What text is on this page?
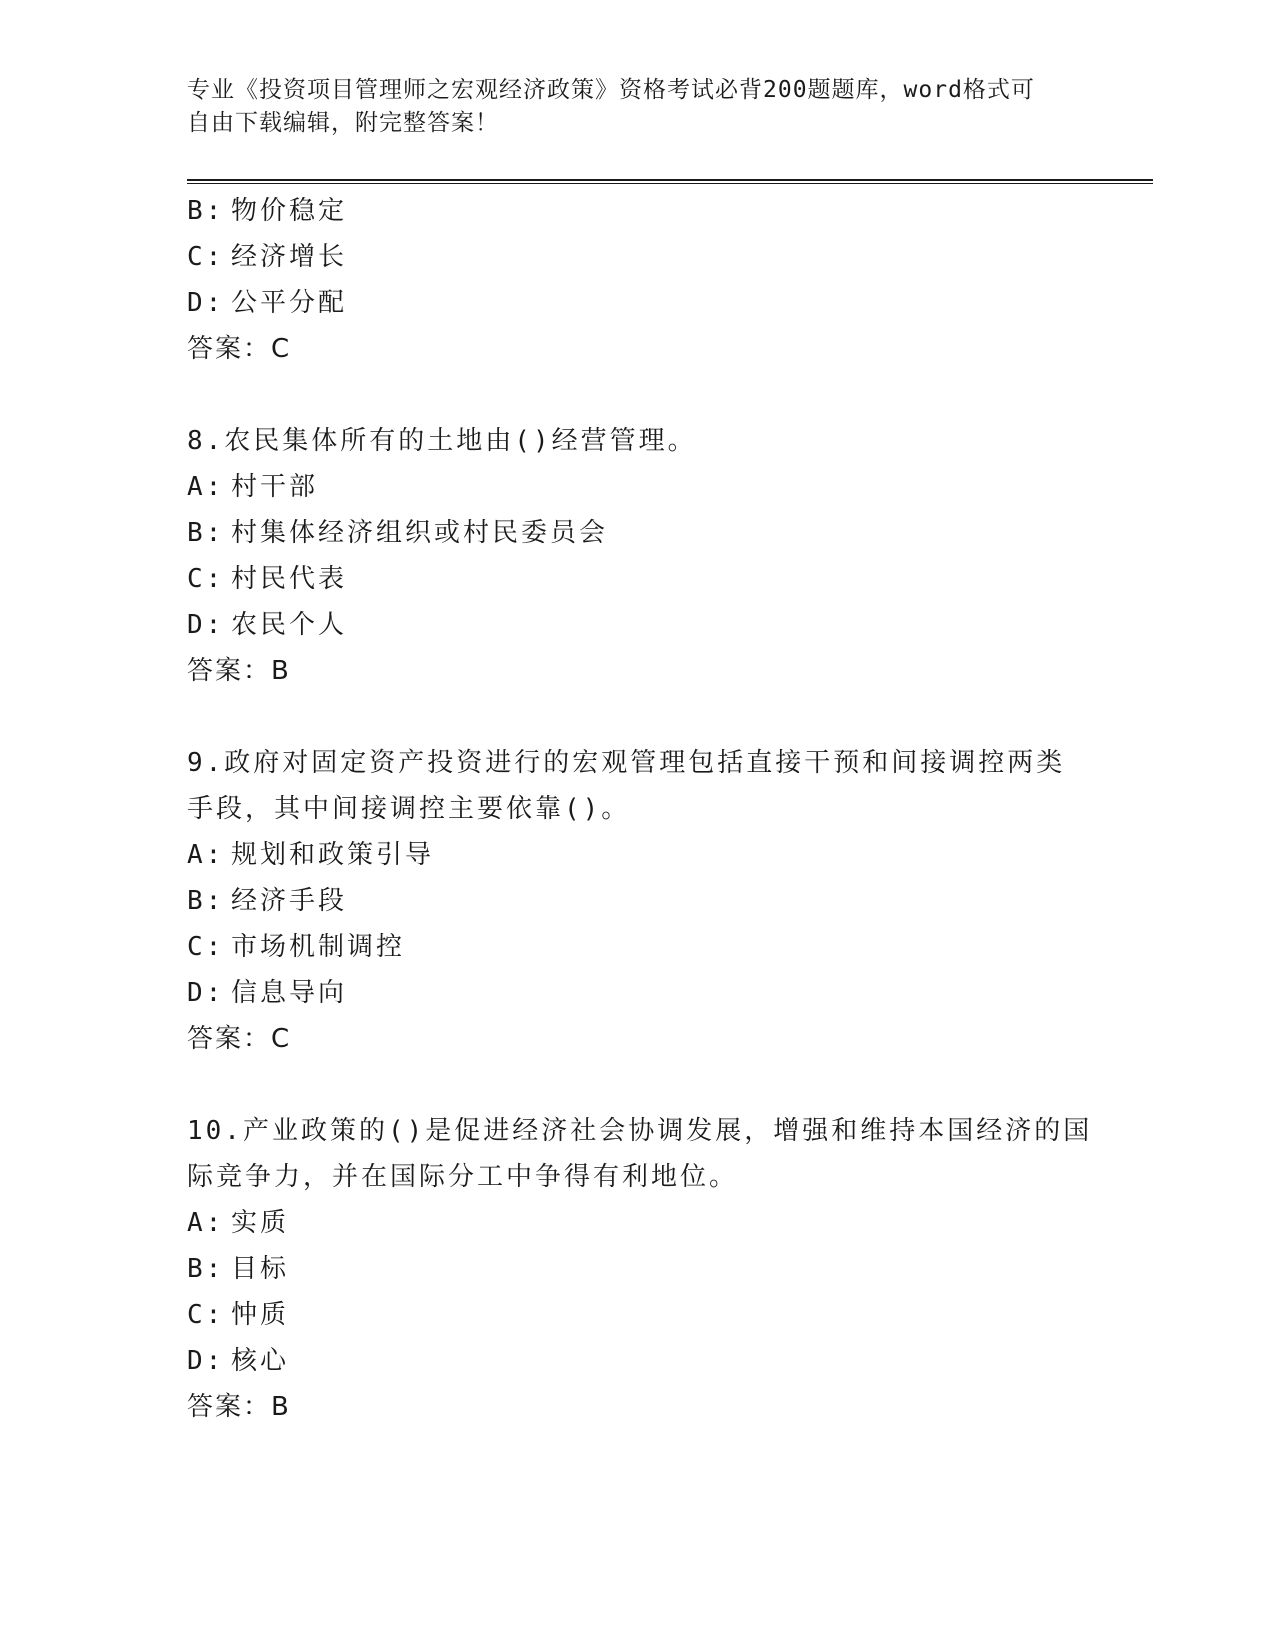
专业《投资项目管理师之宏观经济政策》资格考试必背200题题库，word格式可
自由下载编辑，附完整答案！
B: 物价稳定
C: 经济增长
D: 公平分配
答案：C
8.农民集体所有的土地由()经营管理。
A: 村干部
B: 村集体经济组织或村民委员会
C: 村民代表
D: 农民个人
答案：B
9.政府对固定资产投资进行的宏观管理包括直接干预和间接调控两类
手段，其中间接调控主要依靠()。
A: 规划和政策引导
B: 经济手段
C: 市场机制调控
D: 信息导向
答案：C
10.产业政策的()是促进经济社会协调发展，增强和维持本国经济的国
际竞争力，并在国际分工中争得有利地位。
A: 实质
B: 目标
C: 忡质
D: 核心
答案：B
